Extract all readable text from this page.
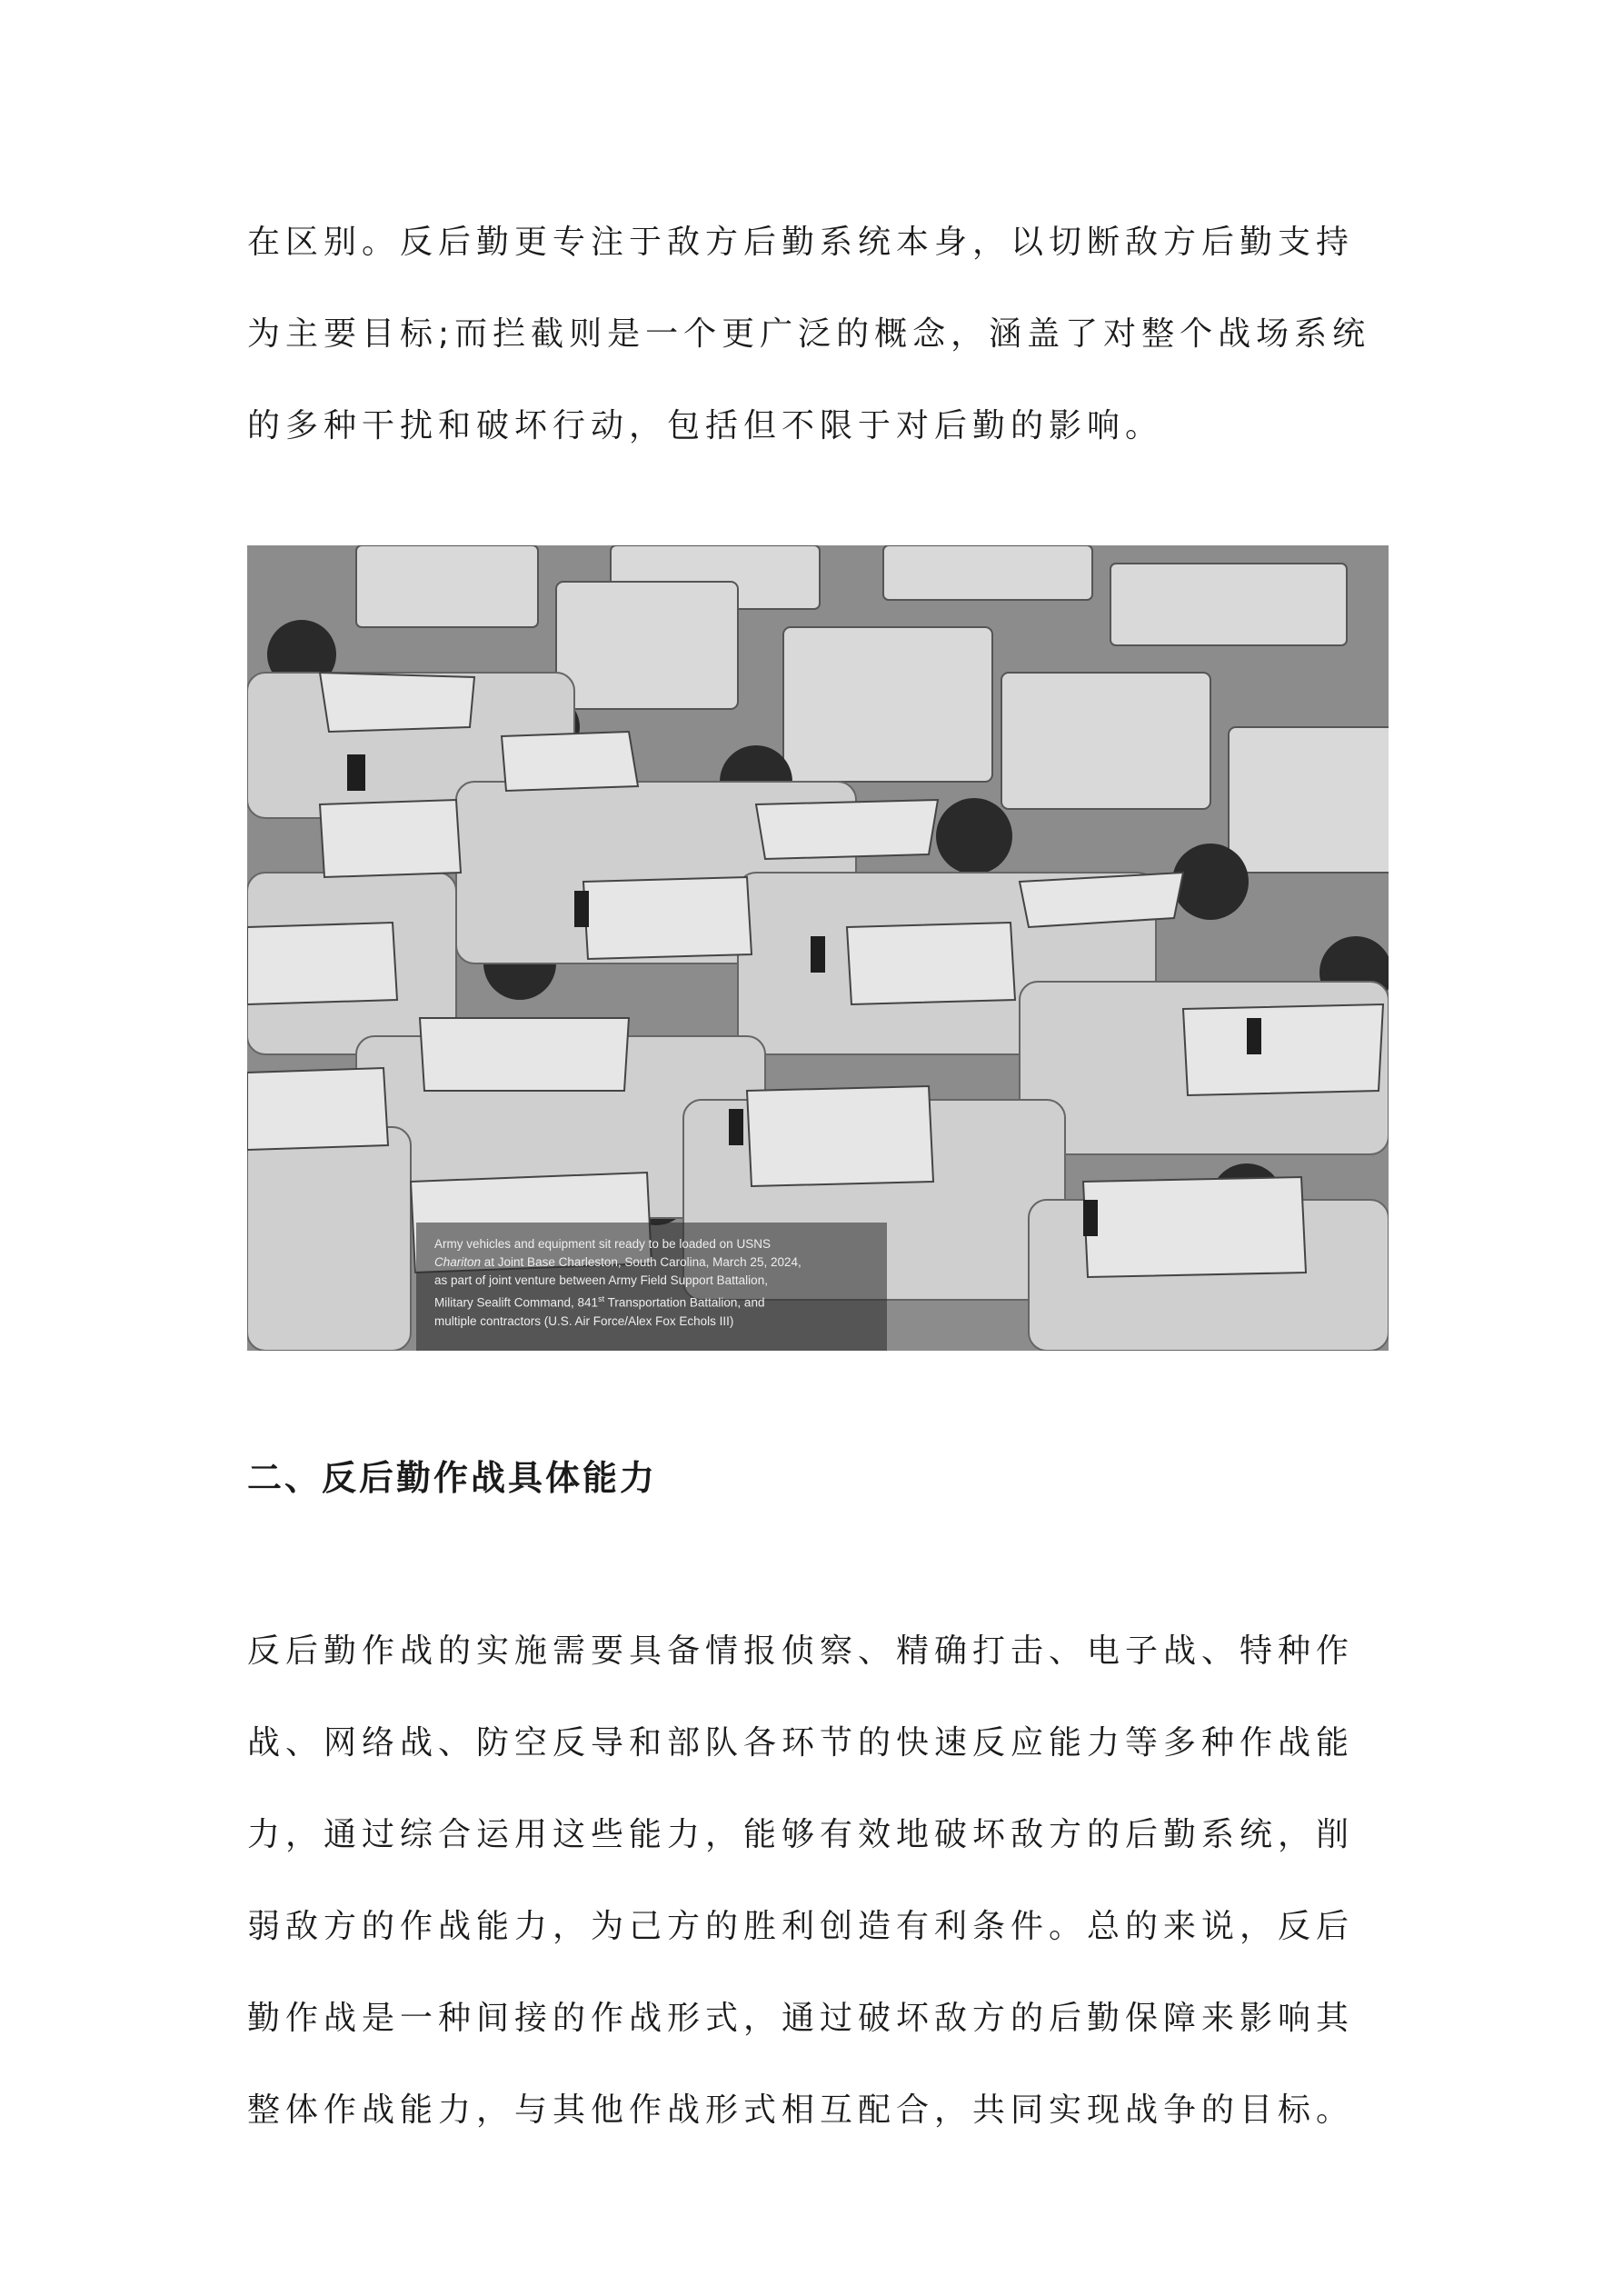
在区别。反后勤更专注于敌方后勤系统本身，以切断敌方后勤支持
为主要目标;而拦截则是一个更广泛的概念，涵盖了对整个战场系统
的多种干扰和破坏行动，包括但不限于对后勤的影响。

Army vehicles and equipment sit ready to be loaded on USNS
Chariton at Joint Base Charleston, South Carolina, March 25, 2024,
as part of joint venture between Army Field Support Battalion,
Military Sealift Command, 841st Transportation Battalion, and
multiple contractors (U.S. Air Force/Alex Fox Echols III)
二、反后勤作战具体能力

反后勤作战的实施需要具备情报侦察、精确打击、电子战、特种作
战、网络战、防空反导和部队各环节的快速反应能力等多种作战能
力，通过综合运用这些能力，能够有效地破坏敌方的后勤系统，削
弱敌方的作战能力，为己方的胜利创造有利条件。总的来说，反后
勤作战是一种间接的作战形式，通过破坏敌方的后勤保障来影响其
整体作战能力，与其他作战形式相互配合，共同实现战争的目标。
